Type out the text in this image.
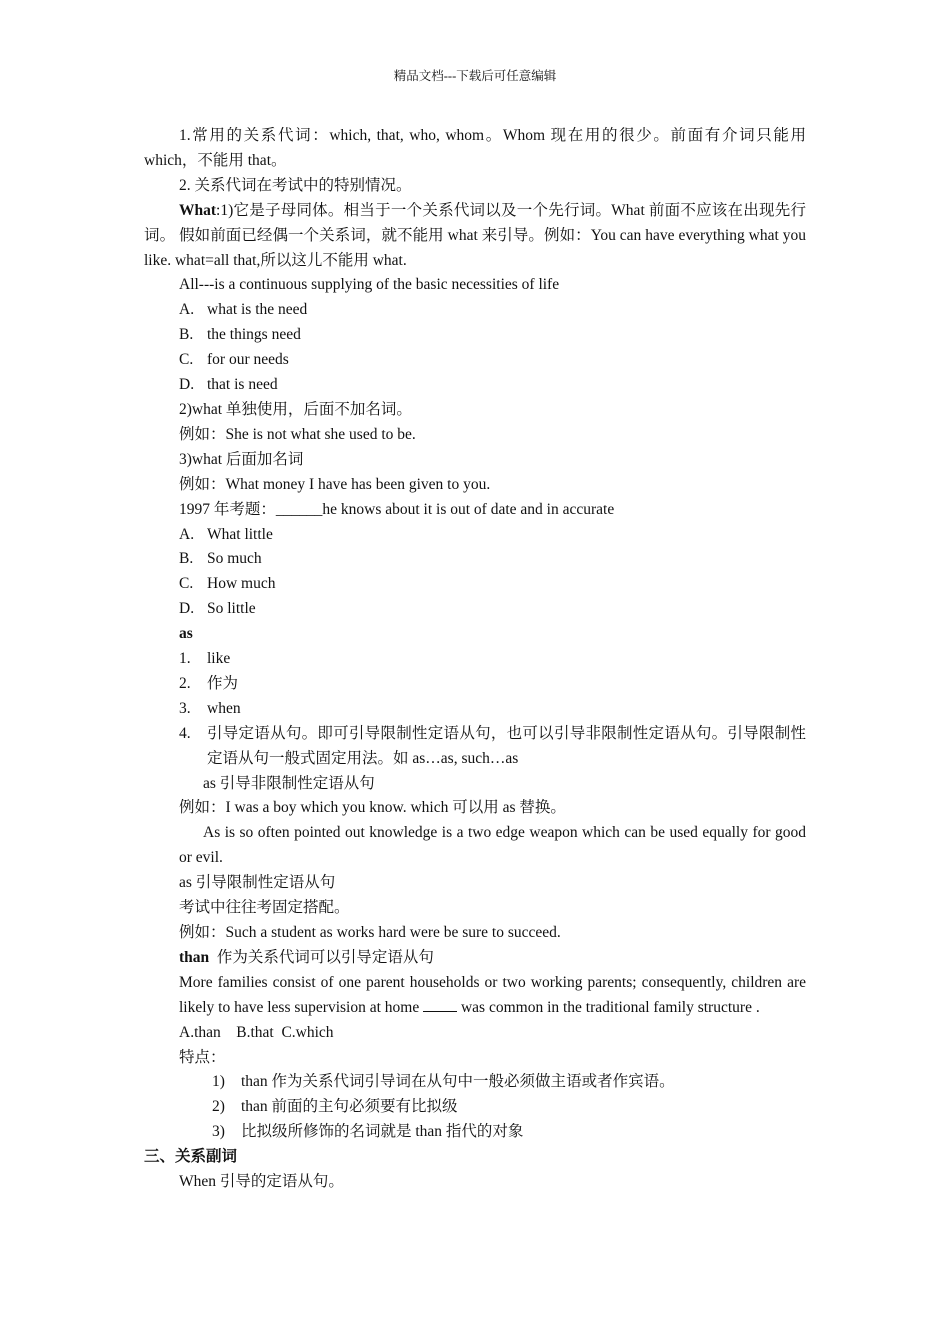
精品文档---下载后可任意编辑
1.常用的关系代词：which, that, who, whom。Whom 现在用的很少。前面有介词只能用 which，不能用 that。
2. 关系代词在考试中的特别情况。
What:1)它是子母同体。相当于一个关系代词以及一个先行词。What 前面不应该在出现先行词。 假如前面已经偶一个关系词，就不能用 what 来引导。例如：You can have everything what you like. what=all that,所以这儿不能用 what.
All---is a continuous supplying of the basic necessities of life
A. what is the need
B. the things need
C. for our needs
D. that is need
2)what 单独使用，后面不加名词。
例如：She is not what she used to be.
3)what 后面加名词
例如：What money I have has been given to you.
1997 年考题：______he knows about it is out of date and in accurate
A. What little
B. So much
C. How much
D. So little
as
1. like
2. 作为
3. when
4. 引导定语从句。即可引导限制性定语从句，也可以引导非限制性定语从句。引导限制性定语从句一般式固定用法。如 as…as, such…as
as 引导非限制性定语从句
例如：I was a boy which you know. which 可以用 as 替换。
As is so often pointed out knowledge is a two edge weapon which can be used equally for good or evil.
as 引导限制性定语从句
考试中往往考固定搭配。
例如：Such a student as works hard were be sure to succeed.
than  作为关系代词可以引导定语从句
More families consist of one parent households or two working parents; consequently, children are likely to have less supervision at home  was common in the traditional family structure .
A.than    B.that  C.which
特点：
1) than 作为关系代词引导词在从句中一般必须做主语或者作宾语。
2) than 前面的主句必须要有比拟级
3) 比拟级所修饰的名词就是 than 指代的对象
三、关系副词
When 引导的定语从句。
